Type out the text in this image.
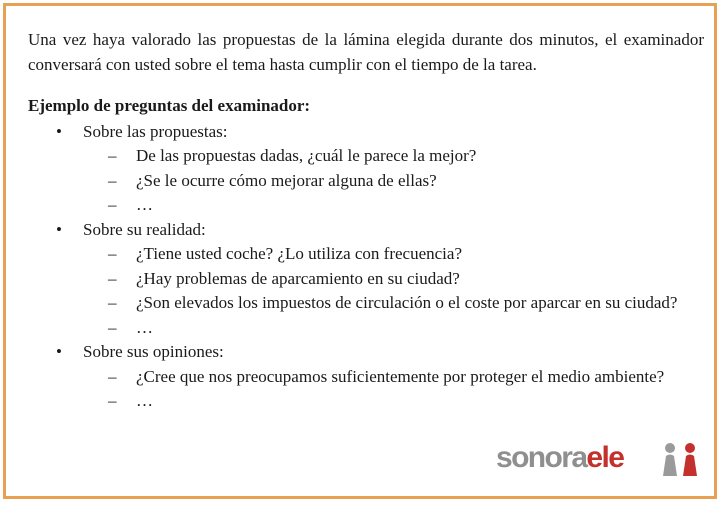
Una vez haya valorado las propuestas de la lámina elegida durante dos minutos, el examinador conversará con usted sobre el tema hasta cumplir con el tiempo de la tarea.

Ejemplo de preguntas del examinador:
• Sobre las propuestas:
– De las propuestas dadas, ¿cuál le parece la mejor?
– ¿Se le ocurre cómo mejorar alguna de ellas?
– …
• Sobre su realidad:
– ¿Tiene usted coche? ¿Lo utiliza con frecuencia?
– ¿Hay problemas de aparcamiento en su ciudad?
– ¿Son elevados los impuestos de circulación o el coste por aparcar en su ciudad?
– …
• Sobre sus opiniones:
– ¿Cree que nos preocupamos suficientemente por proteger el medio ambiente?
– …
sonoraele
